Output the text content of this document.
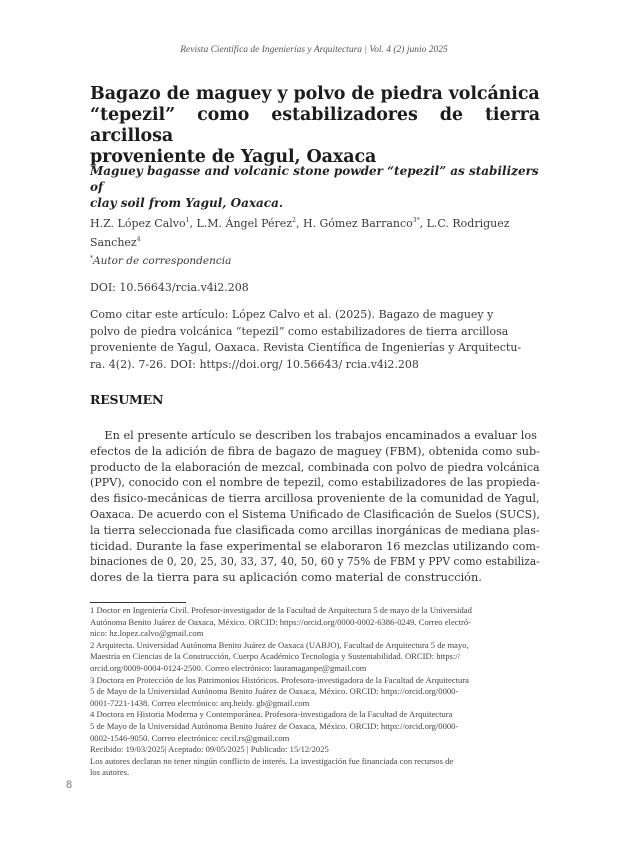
Revista Científica de Ingenierías y Arquitectura | Vol. 4 (2) junio 2025
Bagazo de maguey y polvo de piedra volcánica
“tepezil” como estabilizadores de tierra arcillosa
proveniente de Yagul, Oaxaca
Maguey bagasse and volcanic stone powder “tepezil” as stabilizers of
clay soil from Yagul, Oaxaca.
H.Z. López Calvo$^1$, L.M. Ángel Pérez$^2$, H. Gómez Barranco$^{3*}$, L.C. Rodriguez Sanchez$^4$
*Autor de correspondencia
DOI: 10.56643/rcia.v4i2.208
Como citar este artículo: López Calvo et al. (2025). Bagazo de maguey y
polvo de piedra volcánica “tepezil” como estabilizadores de tierra arcillosa
proveniente de Yagul, Oaxaca. Revista Científica de Ingenierías y Arquitectu-
ra. 4(2). 7-26. DOI: https://doi.org/ 10.56643/ rcia.v4i2.208
RESUMEN
En el presente artículo se describen los trabajos encaminados a evaluar los
efectos de la adición de fibra de bagazo de maguey (FBM), obtenida como sub-
producto de la elaboración de mezcal, combinada con polvo de piedra volcánica
(PPV), conocido con el nombre de tepezil, como estabilizadores de las propieda-
des fisico-mecánicas de tierra arcillosa proveniente de la comunidad de Yagul,
Oaxaca. De acuerdo con el Sistema Unificado de Clasificación de Suelos (SUCS),
la tierra seleccionada fue clasificada como arcillas inorgánicas de mediana plas-
ticidad. Durante la fase experimental se elaboraron 16 mezclas utilizando com-
binaciones de 0, 20, 25, 30, 33, 37, 40, 50, 60 y 75% de FBM y PPV como estabiliza-
dores de la tierra para su aplicación como material de construcción.
1 Doctor en Ingeniería Civil. Profesor-investigador de la Facultad de Arquitectura 5 de mayo de la Universidad
Autónoma Benito Juárez de Oaxaca, México. ORCID: https://orcid.org/0000-0002-6386-0249. Correo electró-
nico: hz.lopez.calvo@gmail.com
2 Arquitecta. Universidad Autónoma Benito Juárez de Oaxaca (UABJO), Facultad de Arquitectura 5 de mayo,
Maestria en Ciencias de la Construcción, Cuerpo Académico Tecnologia y Sustentabilidad. ORCID: https://
orcid.org/0009-0004-0124-2500. Correo electrónico: lauramaganpe@gmail.com
3 Doctora en Protección de los Patrimonios Históricos. Profesora-investigadora de la Facultad de Arquitectura
5 de Mayo de la Universidad Autónoma Benito Juárez de Oaxaca, México. ORCID: https://orcid.org/0000-
0001-7221-1438. Correo electrónico: arq.heidy. gb@gmail.com
4 Doctora en Historia Moderna y Contemporánea. Profesora-investigadora de la Facultad de Arquitectura
5 de Mayo de la Universidad Autónoma Benito Juárez de Oaxaca, México. ORCID: https://orcid.org/0000-
0002-1546-9050. Correo electrónico: cecil.rs@gmail.com
Recibido: 19/03/2025| Aceptado: 09/05/2025 | Publicado: 15/12/2025
Los autores declaran no tener ningún conflicto de interés. La investigación fue financiada con recursos de
los autores.
8
